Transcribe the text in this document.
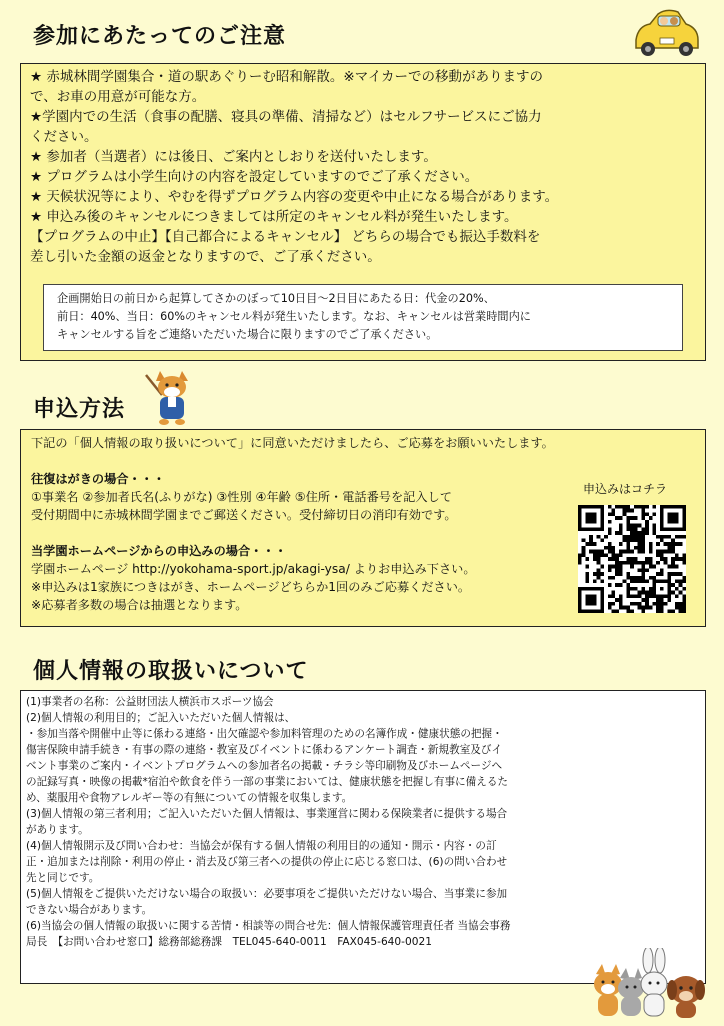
参加にあたってのご注意
★ 赤城林間学園集合・道の駅あぐりーむ昭和解散。※マイカーでの移動がありますの
で、お車の用意が可能な方。
★学園内での生活（食事の配膳、寝具の準備、清掃など）はセルフサービスにご協力
ください。
★ 参加者（当選者）には後日、ご案内としおりを送付いたします。
★ プログラムは小学生向けの内容を設定していますのでご了承ください。
★ 天候状況等により、やむを得ずプログラム内容の変更や中止になる場合があります。
★ 申込み後のキャンセルにつきましては所定のキャンセル料が発生いたします。
【プログラムの中止】【自己都合によるキャンセル】 どちらの場合でも振込手数料を
差し引いた金額の返金となりますので、ご了承ください。
企画開始日の前日から起算してさかのぼって10日目〜2日目にあたる日：代金の20%、
前日：40%、当日：60%のキャンセル料が発生いたします。なお、キャンセルは営業時間内に
キャンセルする旨をご連絡いただいた場合に限りますのでご了承ください。
申込方法
下記の「個人情報の取り扱いについて」に同意いただけましたら、ご応募をお願いいたします。
往復はがきの場合・・・
①事業名 ②参加者氏名(ふりがな) ③性別 ④年齢 ⑤住所・電話番号を記入して
受付期間中に赤城林間学園までご郵送ください。受付締切日の消印有効です。
当学園ホームページからの申込みの場合・・・
学園ホームページ http://yokohama-sport.jp/akagi-ysa/ よりお申込み下さい。
※申込みは1家族につきはがき、ホームページどちらか1回のみご応募ください。
※応募者多数の場合は抽選となります。
申込みはコチラ
個人情報の取扱いについて
(1)事業者の名称：公益財団法人横浜市スポーツ協会
(2)個人情報の利用目的；ご記入いただいた個人情報は、
・参加当落や開催中止等に係わる連絡・出欠確認や参加料管理のための名簿作成・健康状態の把握・
傷害保険申請手続き・有事の際の連絡・教室及びイベントに係わるアンケート調査・新規教室及びイ
ベント事業のご案内・イベントプログラムへの参加者名の掲載・チラシ等印刷物及びホームページへ
の記録写真・映像の掲載*宿泊や飲食を伴う一部の事業においては、健康状態を把握し有事に備えるた
め、薬服用や食物アレルギー等の有無についての情報を収集します。
(3)個人情報の第三者利用；ご記入いただいた個人情報は、事業運営に関わる保険業者に提供する場合
があります。
(4)個人情報開示及び問い合わせ：当協会が保有する個人情報の利用目的の通知・開示・内容・の訂
正・追加または削除・利用の停止・消去及び第三者への提供の停止に応じる窓口は、(6)の問い合わせ
先と同じです。
(5)個人情報をご提供いただけない場合の取扱い：必要事項をご提供いただけない場合、当事業に参加
できない場合があります。
(6)当協会の個人情報の取扱いに関する苦情・相談等の問合せ先：個人情報保護管理責任者 当協会事務
局長　【お問い合わせ窓口】総務部総務課　TEL045-640-0011　FAX045-640-0021
